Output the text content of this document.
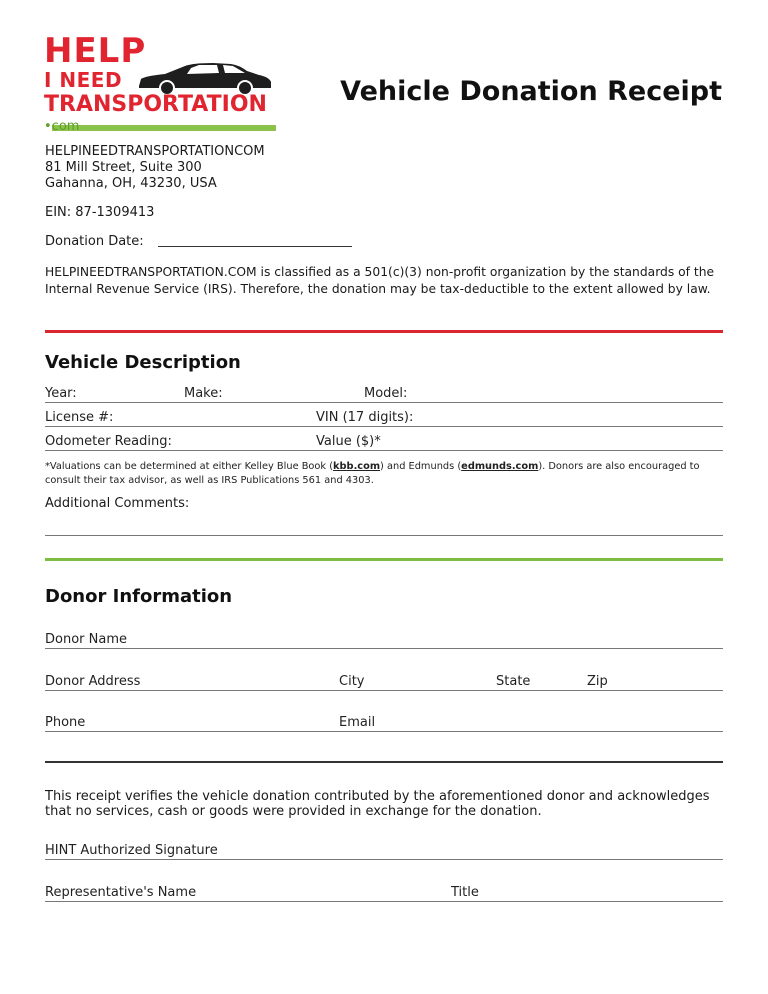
HELP
I NEED
TRANSPORTATION
•com
Vehicle Donation Receipt
HELPINEEDTRANSPORTATIONCOM
81 Mill Street, Suite 300
Gahanna, OH, 43230, USA
EIN: 87-1309413
Donation Date:
HELPINEEDTRANSPORTATION.COM is classified as a 501(c)(3) non-profit organization by the standards of the Internal Revenue Service (IRS). Therefore, the donation may be tax-deductible to the extent allowed by law.
Vehicle Description
Year:	Make:	Model:
License #:	VIN (17 digits):
Odometer Reading:	Value ($)*
*Valuations can be determined at either Kelley Blue Book (kbb.com) and Edmunds (edmunds.com). Donors are also encouraged to consult their tax advisor, as well as IRS Publications 561 and 4303.
Additional Comments:
Donor Information
Donor Name
Donor Address	City	State	Zip
Phone	Email
This receipt verifies the vehicle donation contributed by the aforementioned donor and acknowledges that no services, cash or goods were provided in exchange for the donation.
HINT Authorized Signature
Representative's Name	Title
